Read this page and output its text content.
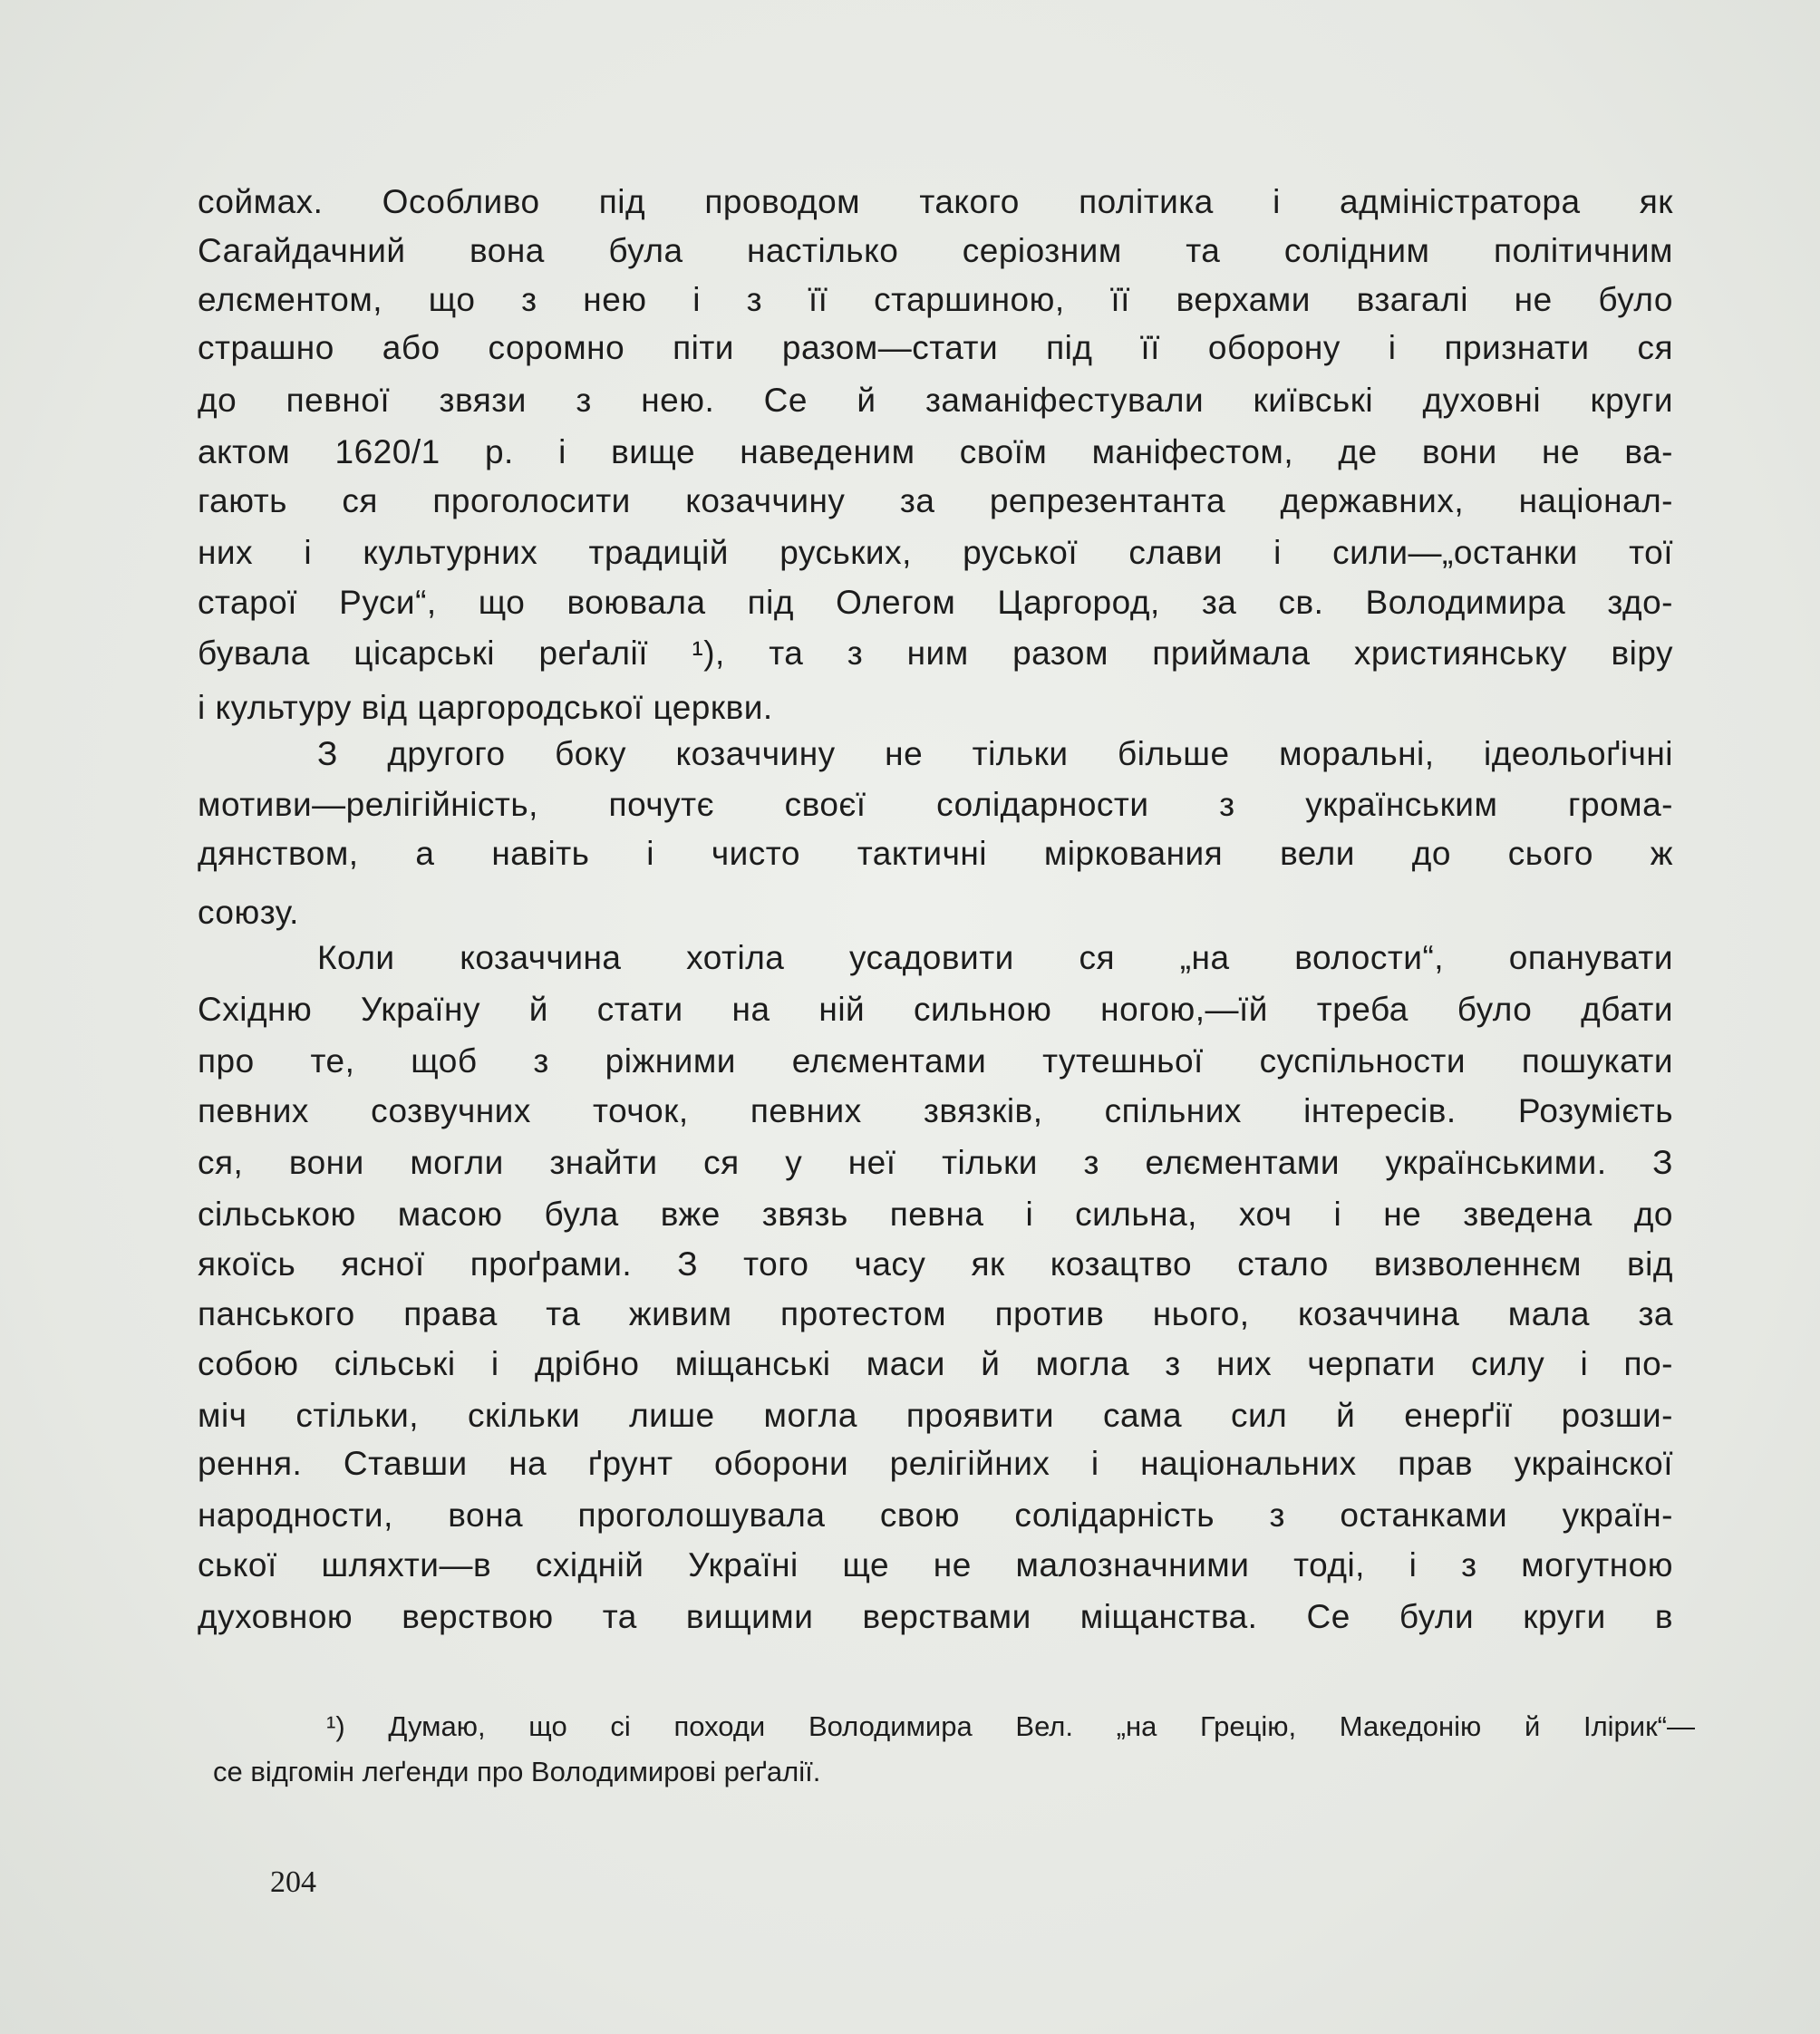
соймах. Особливо під проводом такого політика і адміністратора як
Сагайдачний вона була настілько серіозним та солідним політичним
елєментом, що з нею і з її старшиною, її верхами взагалі не було
страшно або соромно піти разом—стати під її оборону і признати ся
до певної звязи з нею. Се й заманіфестували київські духовні круги
актом 1620/1 р. і вище наведеним своїм маніфестом, де вони не ва-
гають ся проголосити козаччину за репрезентанта державних, націонал-
них і культурних традицій руських, руської слави і сили—„останки тої
старої Руси“, що воювала під Олегом Царгород, за св. Володимира здо-
бувала цісарські реґалії ¹), та з ним разом приймала християнську віру
і культуру від царгородської церкви.
З другого боку козаччину не тільки більше моральні, ідеольоґічні
мотиви—релігійність, почутє своєї солідарности з українським грома-
дянством, а навіть і чисто тактичні міркования вели до сього ж
союзу.
Коли козаччина хотіла усадовити ся „на волости“, опанувати
Східню Україну й стати на ній сильною ногою,—їй треба було дбати
про те, щоб з ріжними елєментами тутешньої суспільности пошукати
певних созвучних точок, певних звязків, спільних інтересів. Розумієть
ся, вони могли знайти ся у неї тільки з елєментами українськими. З
сільською масою була вже звязь певна і сильна, хоч і не зведена до
якоїсь ясної проґрами. З того часу як козацтво стало визволеннєм від
панського права та живим протестом против нього, козаччина мала за
собою сільські і дрібно міщанські маси й могла з них черпати силу і по-
міч стільки, скільки лише могла проявити сама сил й енерґії розши-
рення. Ставши на ґрунт оборони релігійних і національних прав украінскої
народности, вона проголошувала свою солідарність з останками україн-
ської шляхти—в східній Україні ще не малозначними тоді, і з могутною
духовною верствою та вищими верствами міщанства. Се були круги в
¹) Думаю, що сі походи Володимира Вел. „на Грецію, Македонію й Ілірик“—
се відгомін леґенди про Володимирові реґалії.
204
